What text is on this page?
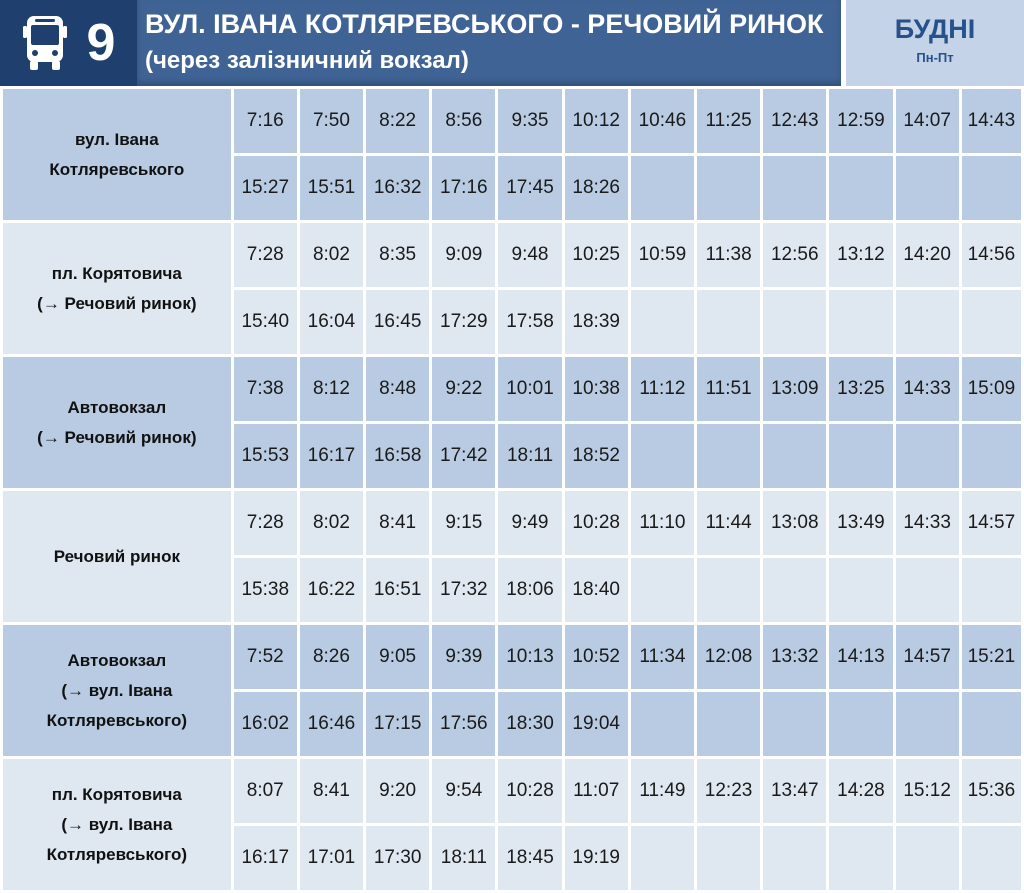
9	ВУЛ. ІВАНА КОТЛЯРЕВСЬКОГО - РЕЧОВИЙ РИНОК
(через залізничний вокзал)
БУДНІ
Пн-Пт
вул. Івана
Котляревського	7:16	7:50	8:22	8:56	9:35	10:12	10:46	11:25	12:43	12:59	14:07	14:43
	15:27	15:51	16:32	17:16	17:45	18:26						

пл. Корятовича
(→ Речовий ринок)	7:28	8:02	8:35	9:09	9:48	10:25	10:59	11:38	12:56	13:12	14:20	14:56
	15:40	16:04	16:45	17:29	17:58	18:39						

Автовокзал
(→ Речовий ринок)	7:38	8:12	8:48	9:22	10:01	10:38	11:12	11:51	13:09	13:25	14:33	15:09
	15:53	16:17	16:58	17:42	18:11	18:52						

Речовий ринок	7:28	8:02	8:41	9:15	9:49	10:28	11:10	11:44	13:08	13:49	14:33	14:57
	15:38	16:22	16:51	17:32	18:06	18:40						

Автовокзал
(→ вул. Івана
Котляревського)	7:52	8:26	9:05	9:39	10:13	10:52	11:34	12:08	13:32	14:13	14:57	15:21
	16:02	16:46	17:15	17:56	18:30	19:04						

пл. Корятовича
(→ вул. Івана
Котляревського)	8:07	8:41	9:20	9:54	10:28	11:07	11:49	12:23	13:47	14:28	15:12	15:36
	16:17	17:01	17:30	18:11	18:45	19:19						
